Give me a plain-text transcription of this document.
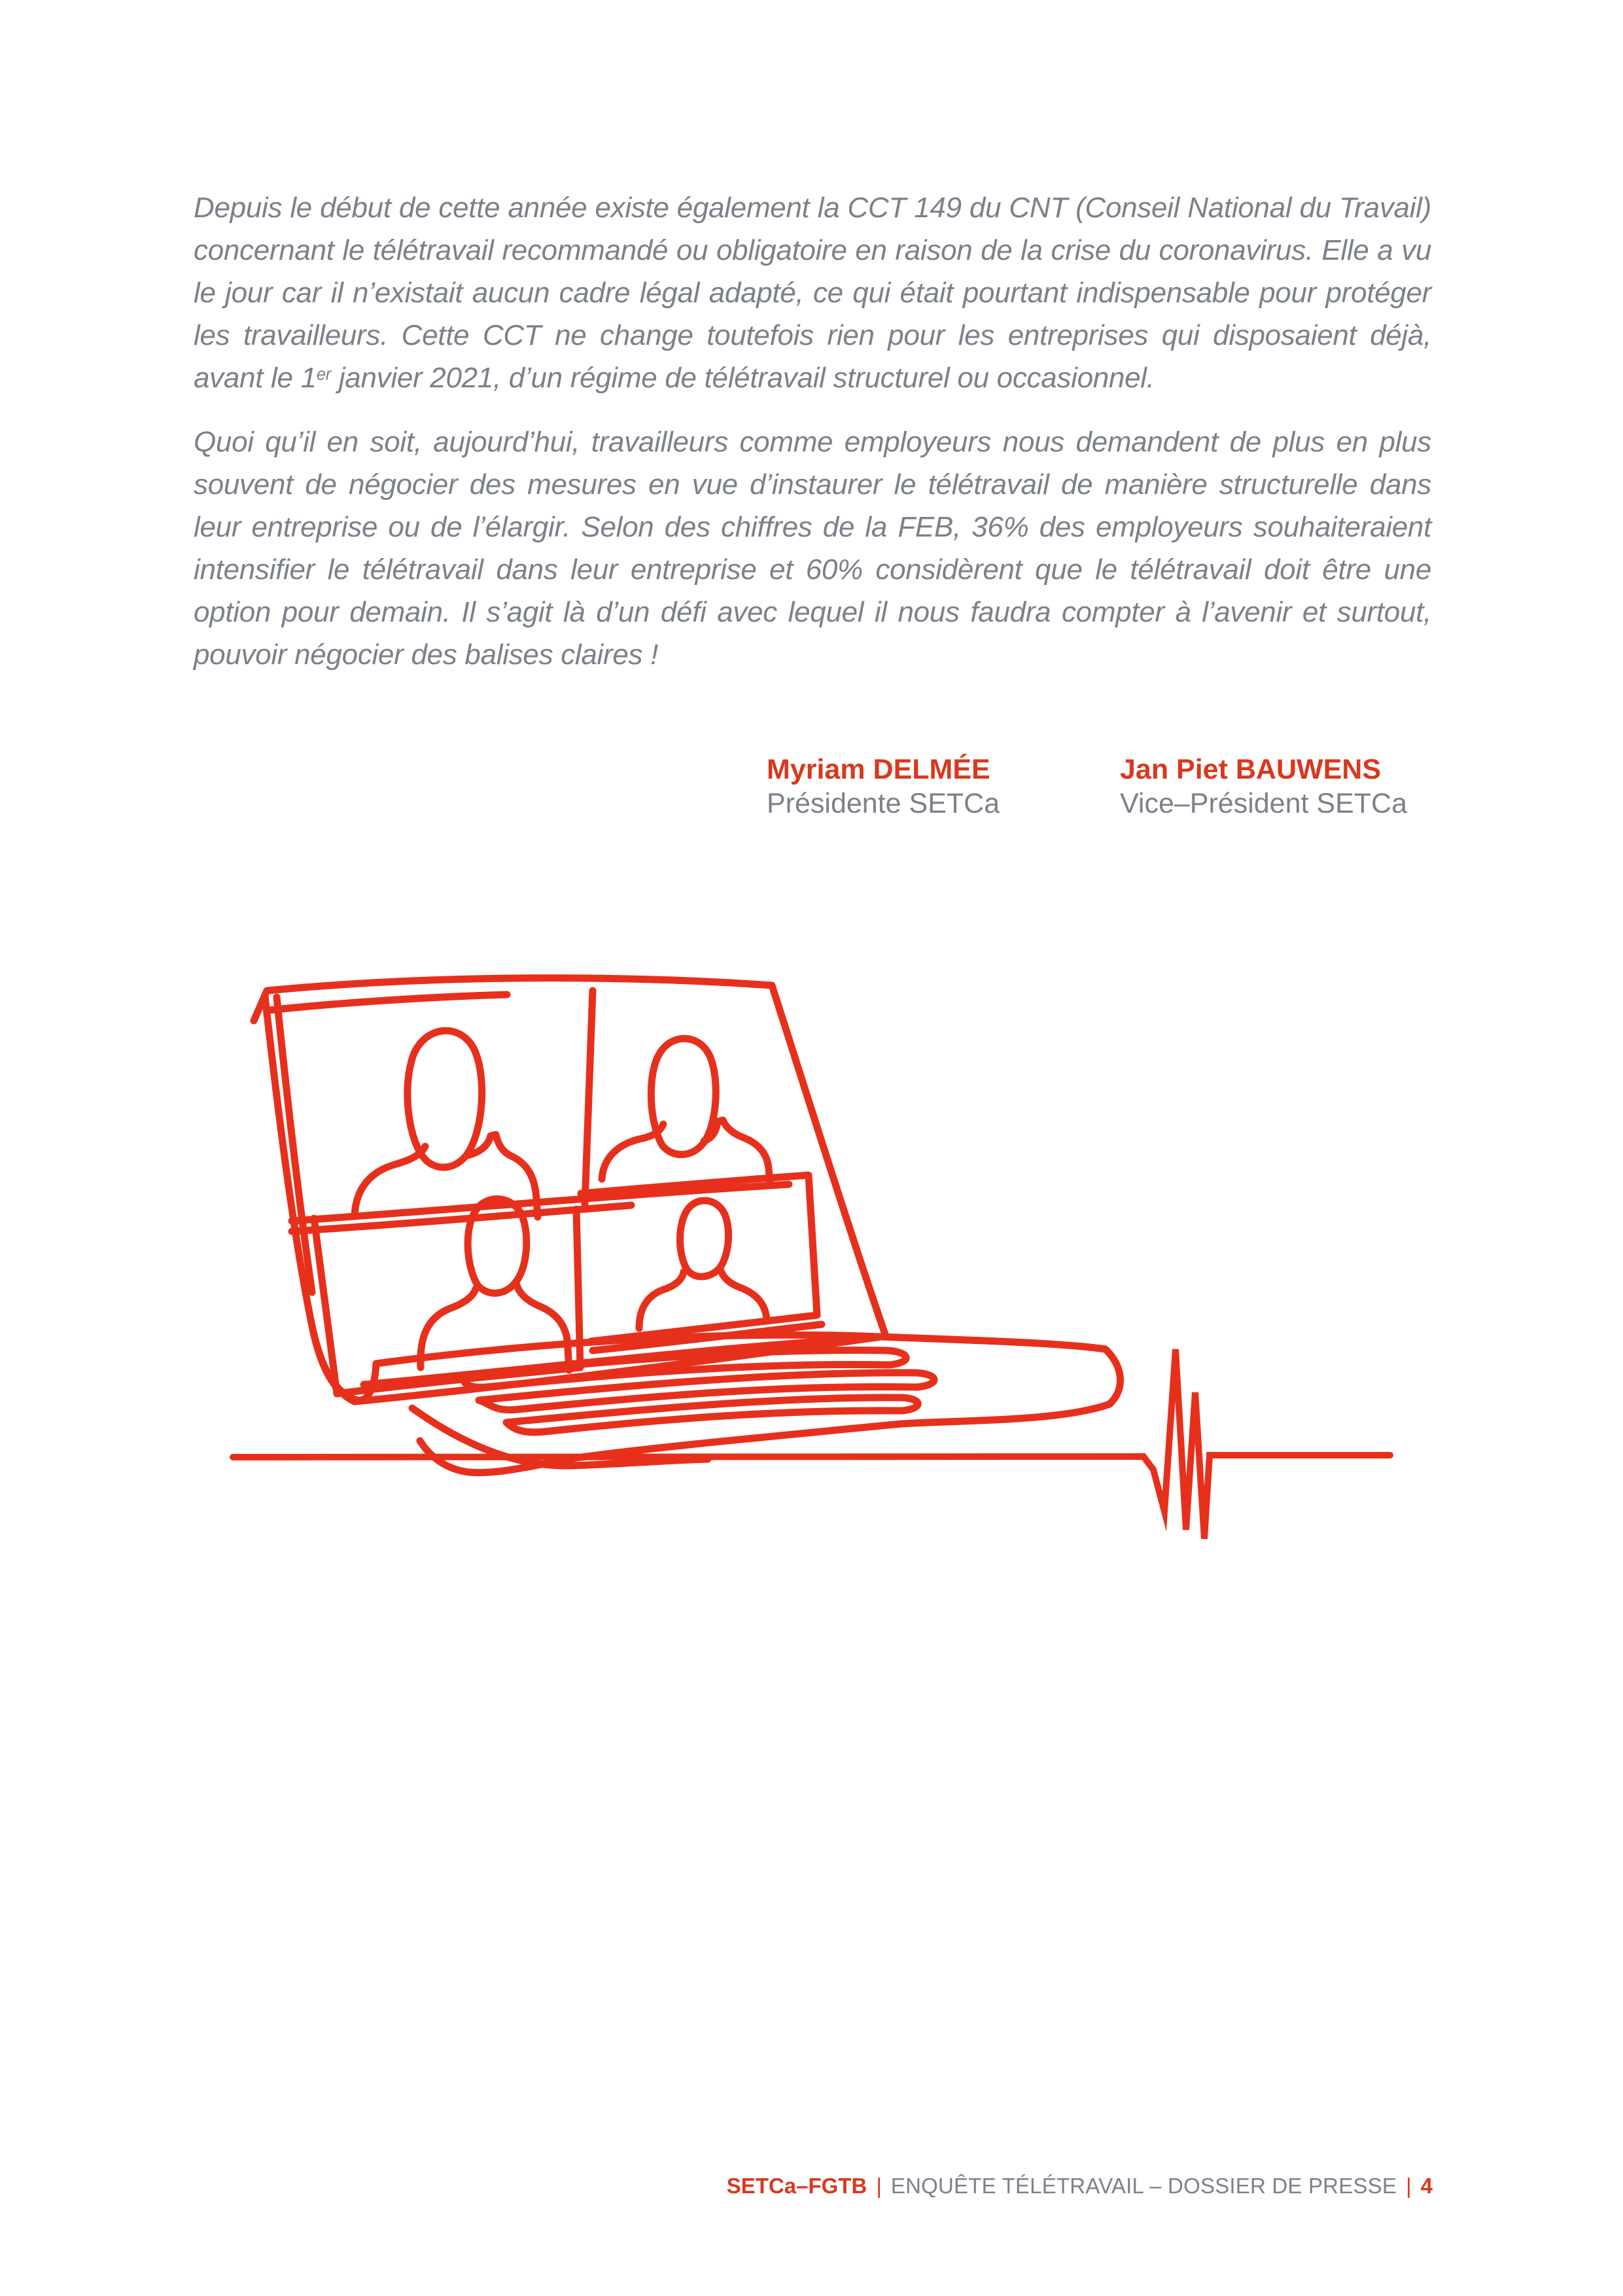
Depuis le début de cette année existe également la CCT 149 du CNT (Conseil National du Travail) concernant le télétravail recommandé ou obligatoire en raison de la crise du coronavirus. Elle a vu le jour car il n’existait aucun cadre légal adapté, ce qui était pourtant indispensable pour protéger les travailleurs. Cette CCT ne change toutefois rien pour les entreprises qui disposaient déjà, avant le 1er janvier 2021, d’un régime de télétravail structurel ou occasionnel.

Quoi qu’il en soit, aujourd’hui, travailleurs comme employeurs nous demandent de plus en plus souvent de négocier des mesures en vue d’instaurer le télétravail de manière structurelle dans leur entreprise ou de l’élargir. Selon des chiffres de la FEB, 36% des employeurs souhaiteraient intensifier le télétravail dans leur entreprise et 60% considèrent que le télétravail doit être une option pour demain. Il s’agit là d’un défi avec lequel il nous faudra compter à l’avenir et surtout, pouvoir négocier des balises claires !

Myriam DELMÉE
Présidente SETCa
Jan Piet BAUWENS
Vice–Président SETCa
SETCa–FGTB | ENQUÊTE TÉLÉTRAVAIL – DOSSIER DE PRESSE | 4
